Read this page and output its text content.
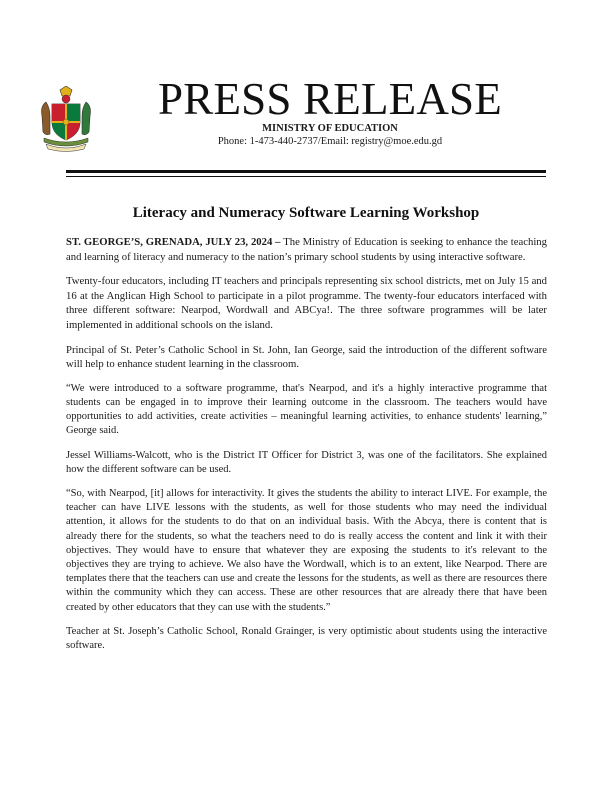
PRESS RELEASE
MINISTRY OF EDUCATION
Phone: 1-473-440-2737/Email: registry@moe.edu.gd
Literacy and Numeracy Software Learning Workshop

ST. GEORGE’S, GRENADA, JULY 23, 2024 – The Ministry of Education is seeking to enhance the teaching and learning of literacy and numeracy to the nation’s primary school students by using interactive software.

Twenty-four educators, including IT teachers and principals representing six school districts, met on July 15 and 16 at the Anglican High School to participate in a pilot programme. The twenty-four educators interfaced with three different software: Nearpod, Wordwall and ABCya!. The three software programmes will be later implemented in additional schools on the island.

Principal of St. Peter’s Catholic School in St. John, Ian George, said the introduction of the different software will help to enhance student learning in the classroom.

“We were introduced to a software programme, that's Nearpod, and it's a highly interactive programme that students can be engaged in to improve their learning outcome in the classroom. The teachers would have opportunities to add activities, create activities – meaningful learning activities, to enhance students' learning,” George said.

Jessel Williams-Walcott, who is the District IT Officer for District 3, was one of the facilitators. She explained how the different software can be used.

“So, with Nearpod, [it] allows for interactivity. It gives the students the ability to interact LIVE. For example, the teacher can have LIVE lessons with the students, as well for those students who may need the individual attention, it allows for the students to do that on an individual basis. With the Abcya, there is content that is already there for the students, so what the teachers need to do is really access the content and link it with their objectives. They would have to ensure that whatever they are exposing the students to it's relevant to the objectives they are trying to achieve. We also have the Wordwall, which is to an extent, like Nearpod. There are templates there that the teachers can use and create the lessons for the students, as well as there are resources there within the community which they can access. These are other resources that are already there that have been created by other educators that they can use with the students.”

Teacher at St. Joseph’s Catholic School, Ronald Grainger, is very optimistic about students using the interactive software.
